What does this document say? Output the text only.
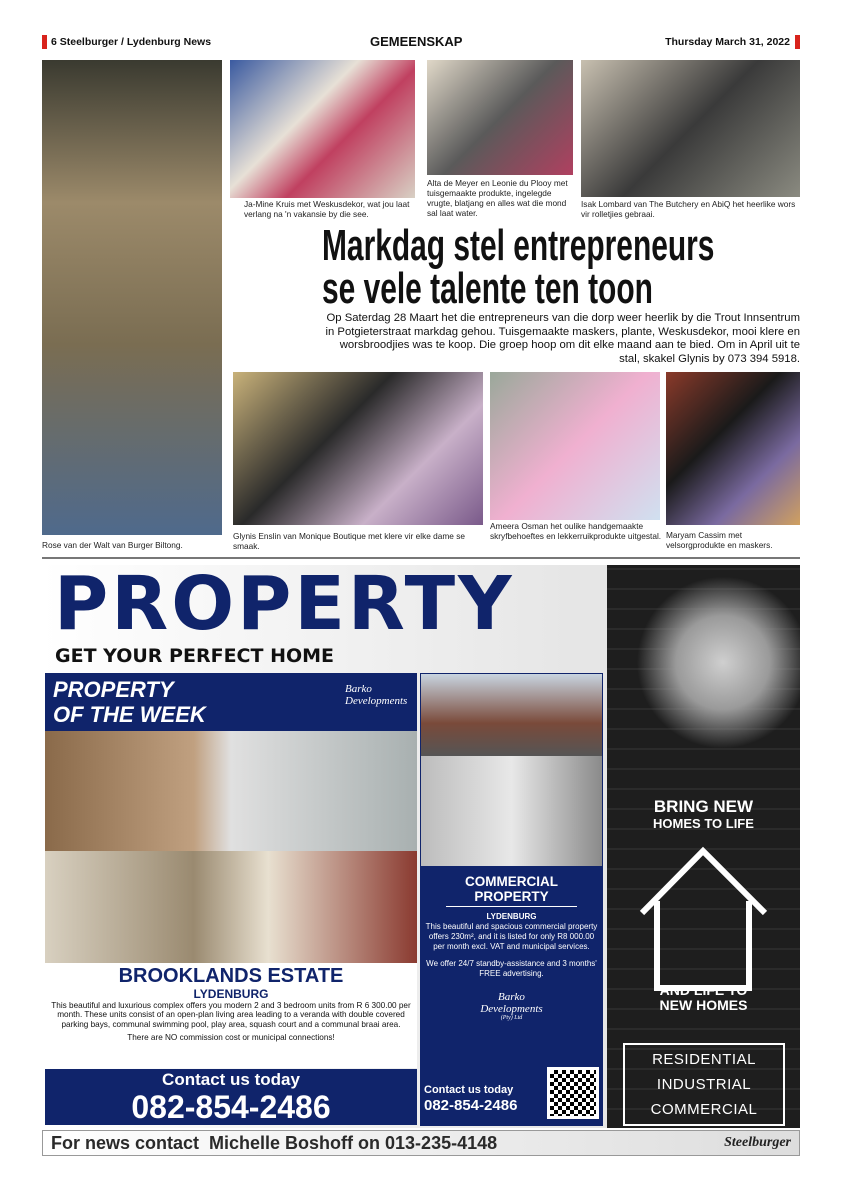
6 Steelburger / Lydenburg News	GEMEENSKAP	Thursday March 31, 2022
Rose van der Walt van Burger Biltong.
Ja-Mine Kruis met Weskusdekor, wat jou laat verlang na 'n vakansie by die see.
Alta de Meyer en Leonie du Plooy met tuisgemaakte produkte, ingelegde vrugte, blatjang en alles wat die mond sal laat water.
Isak Lombard van The Butchery en AbiQ het heerlike wors vir rolletjies gebraai.
Markdag stel entrepreneurs
se vele talente ten toon
Op Saterdag 28 Maart het die entrepreneurs van die dorp weer heerlik by die Trout Innsentrum in Potgieterstraat markdag gehou. Tuisgemaakte maskers, plante, Weskusdekor, mooi klere en worsbroodjies was te koop. Die groep hoop om dit elke maand aan te bied. Om in April uit te stal, skakel Glynis by 073 394 5918.
Glynis Enslin van Monique Boutique met klere vir elke dame se smaak.
Ameera Osman het oulike handgemaakte skryfbehoeftes en lekkerruikprodukte uitgestal. Maryam Cassim met velsorgprodukte en maskers.
PROPERTY
GET YOUR PERFECT HOME
PROPERTY
OF THE WEEK
Barko
Developments
BROOKLANDS ESTATE
LYDENBURG
This beautiful and luxurious complex offers you modern 2 and 3 bedroom units from R 6 300.00 per month. These units consist of an open-plan living area leading to a veranda with double covered parking bays, communal swimming pool, play area, squash court and a communal braai area.
There are NO commission cost or municipal connections!
Contact us today
082-854-2486
COMMERCIAL
PROPERTY
LYDENBURG
This beautiful and spacious commercial property offers 230m², and it is listed for only R8 000.00 per month excl. VAT and municipal services.
We offer 24/7 standby-assistance and 3 months' FREE advertising.
Barko
Developments
(Pty) Ltd
Contact us today
082-854-2486
BRING NEW
HOMES TO LIFE
AND LIFE TO
NEW HOMES
RESIDENTIAL
INDUSTRIAL
COMMERCIAL
For news contact  Michelle Boshoff on 013-235-4148	Steelburger
